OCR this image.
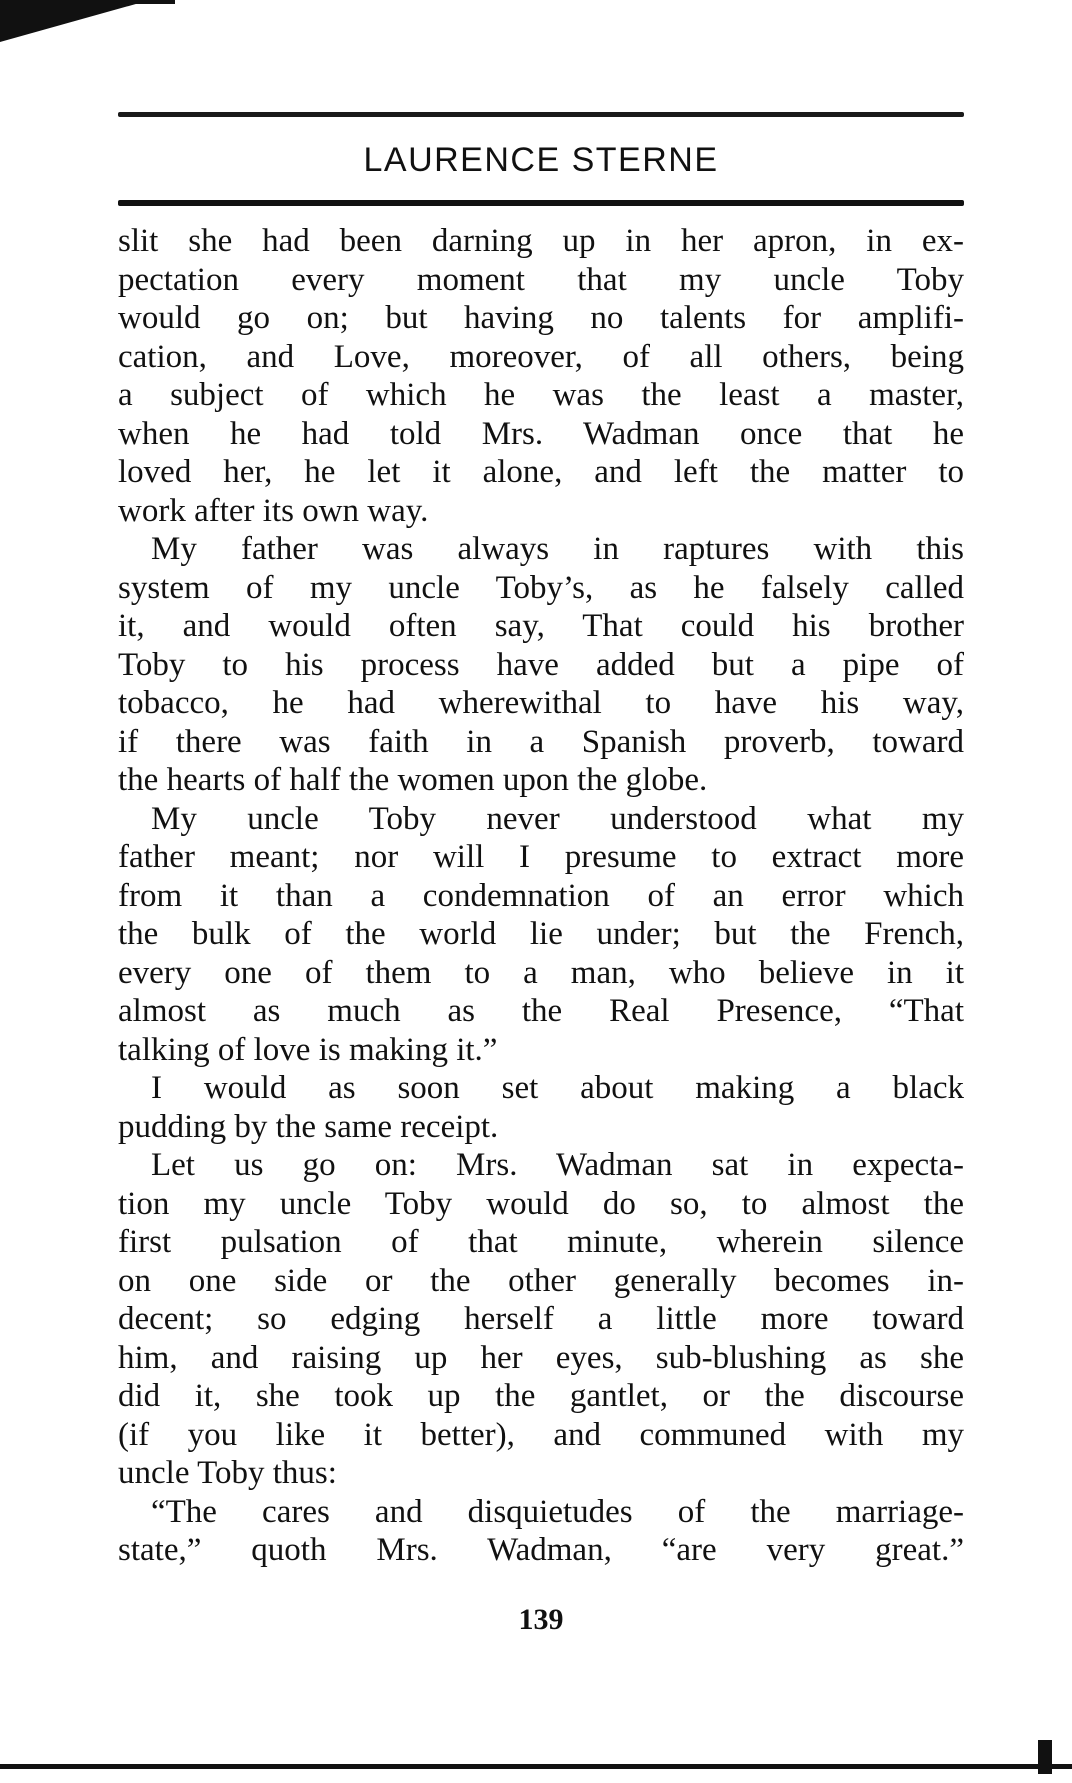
LAURENCE STERNE
slit she had been darning up in her apron, in ex-
pectation every moment that my uncle Toby
would go on; but having no talents for amplifi-
cation, and Love, moreover, of all others, being
a subject of which he was the least a master,
when he had told Mrs. Wadman once that he
loved her, he let it alone, and left the matter to
work after its own way.
 My father was always in raptures with this
system of my uncle Toby’s, as he falsely called
it, and would often say, That could his brother
Toby to his process have added but a pipe of
tobacco, he had wherewithal to have his way,
if there was faith in a Spanish proverb, toward
the hearts of half the women upon the globe.
 My uncle Toby never understood what my
father meant; nor will I presume to extract more
from it than a condemnation of an error which
the bulk of the world lie under; but the French,
every one of them to a man, who believe in it
almost as much as the Real Presence, “That
talking of love is making it.”
 I would as soon set about making a black
pudding by the same receipt.
 Let us go on: Mrs. Wadman sat in expecta-
tion my uncle Toby would do so, to almost the
first pulsation of that minute, wherein silence
on one side or the other generally becomes in-
decent; so edging herself a little more toward
him, and raising up her eyes, sub-blushing as she
did it, she took up the gantlet, or the discourse
(if you like it better), and communed with my
uncle Toby thus:
 “The cares and disquietudes of the marriage-
state,” quoth Mrs. Wadman, “are very great.”
139
